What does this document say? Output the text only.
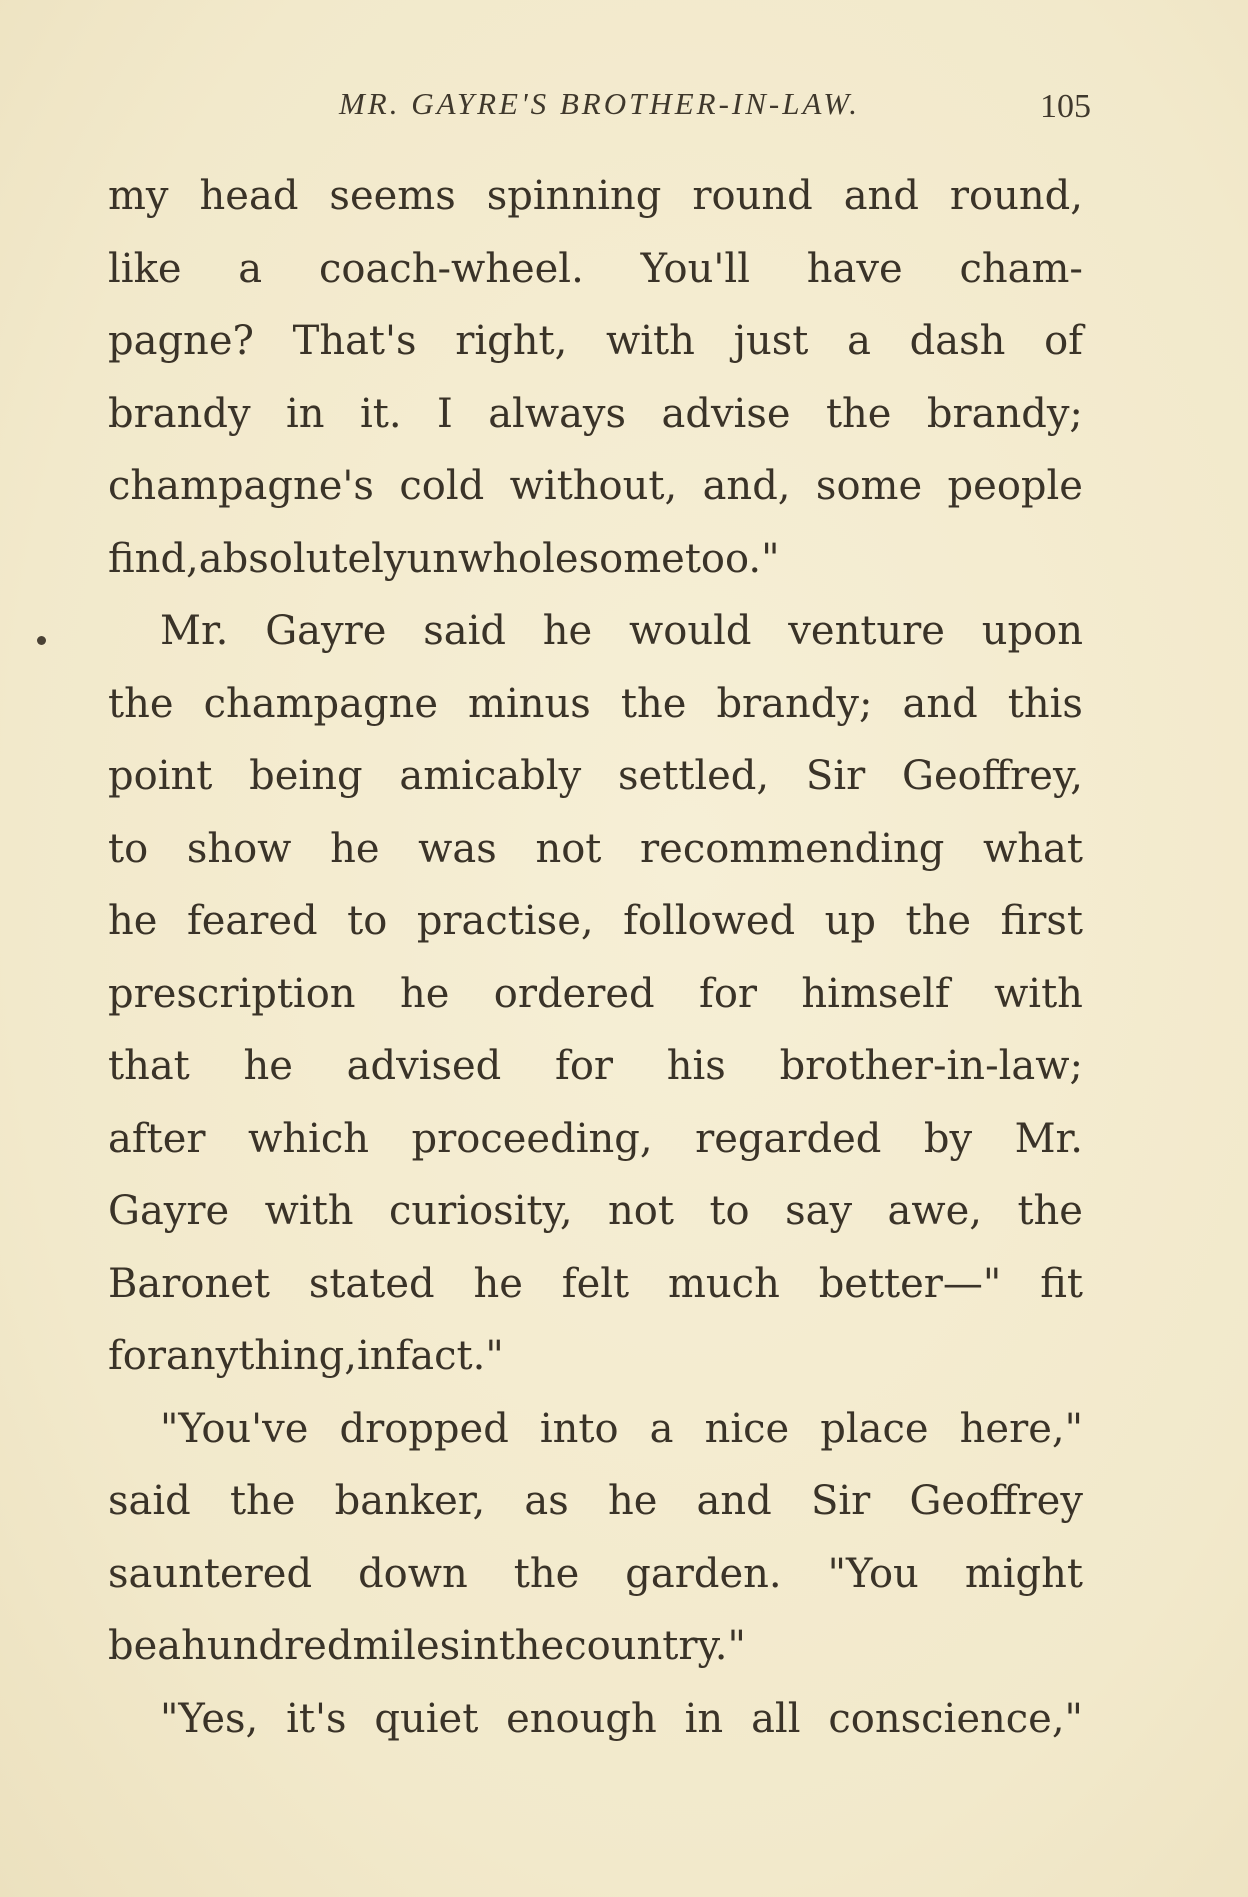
MR. GAYRE'S BROTHER-IN-LAW.	105
my head seems spinning round and round,
like a coach-wheel. You'll have cham-
pagne? That's right, with just a dash of
brandy in it. I always advise the brandy;
champagne's cold without, and, some people
find, absolutely unwholesome too."
Mr. Gayre said he would venture upon
the champagne minus the brandy; and this
point being amicably settled, Sir Geoffrey,
to show he was not recommending what
he feared to practise, followed up the first
prescription he ordered for himself with
that he advised for his brother-in-law;
after which proceeding, regarded by Mr.
Gayre with curiosity, not to say awe, the
Baronet stated he felt much better—" fit
for anything, in fact."
"You've dropped into a nice place here,"
said the banker, as he and Sir Geoffrey
sauntered down the garden. "You might
be a hundred miles in the country."
"Yes, it's quiet enough in all conscience,"
